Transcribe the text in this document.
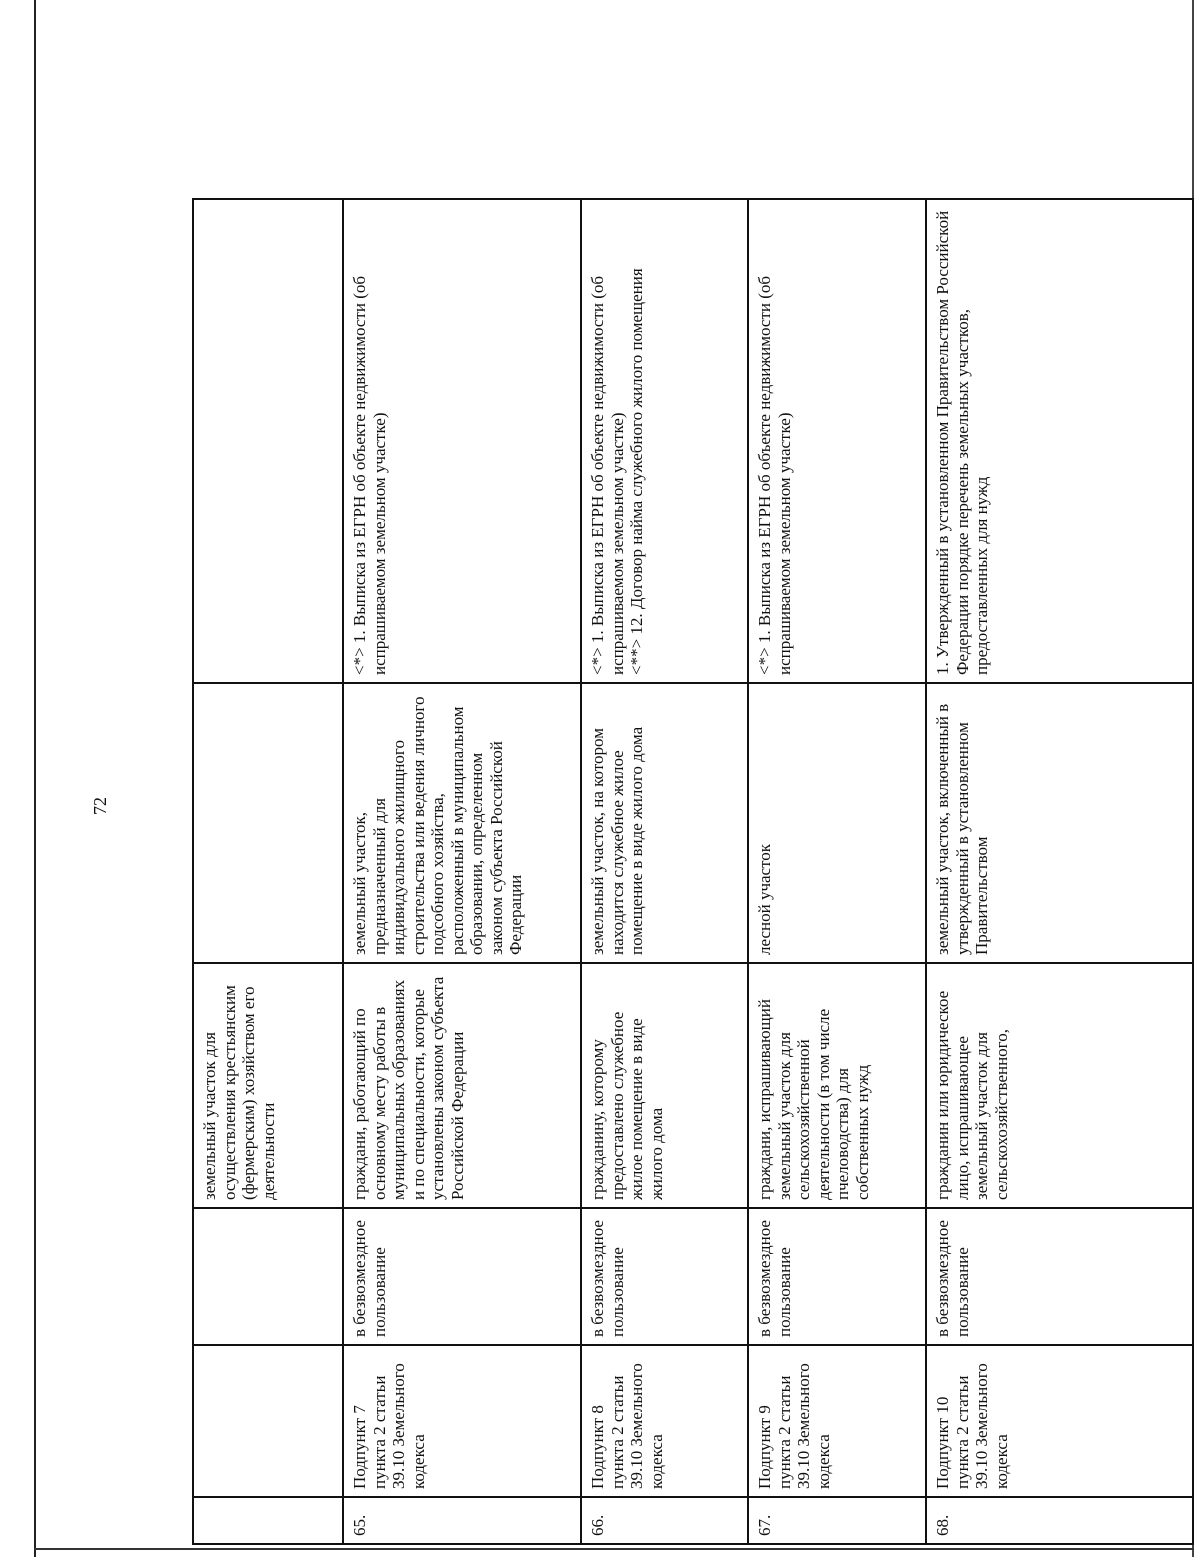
72
			земельный участок для осуществления крестьянским (фермерским) хозяйством его деятельности		
65.	Подпункт 7 пункта 2 статьи 39.10 Земельного кодекса	в безвозмездное пользование	граждани, работающий по основному месту работы в муниципальных образованиях и по специальности, которые установлены законом субъекта Российской Федерации	земельный участок, предназначенный для индивидуального жилищного строительства или ведения личного подсобного хозяйства, расположенный в муниципальном образовании, определенном законом субъекта Российской Федерации	<*> 1. Выписка из ЕГРН об объекте недвижимости (об испрашиваемом земельном участке)
66.	Подпункт 8 пункта 2 статьи 39.10 Земельного кодекса	в безвозмездное пользование	гражданину, которому предоставлено служебное жилое помещение в виде жилого дома	земельный участок, на котором находится служебное жилое помещение в виде жилого дома	<*> 1. Выписка из ЕГРН об объекте недвижимости (об испрашиваемом земельном участке)
<**> 12. Договор найма служебного жилого помещения
67.	Подпункт 9 пункта 2 статьи 39.10 Земельного кодекса	в безвозмездное пользование	граждани, испрашивающий земельный участок для сельскохозяйственной деятельности (в том числе пчеловодства) для собственных нужд	лесной участок	<*> 1. Выписка из ЕГРН об объекте недвижимости (об испрашиваемом земельном участке)
68.	Подпункт 10 пункта 2 статьи 39.10 Земельного кодекса	в безвозмездное пользование	гражданин или юридическое лицо, испрашивающее земельный участок для сельскохозяйственного,	земельный участок, включенный в утвержденный в установленном Правительством	1. Утвержденный в установленном Правительством Российской Федерации порядке перечень земельных участков, предоставленных для нужд
